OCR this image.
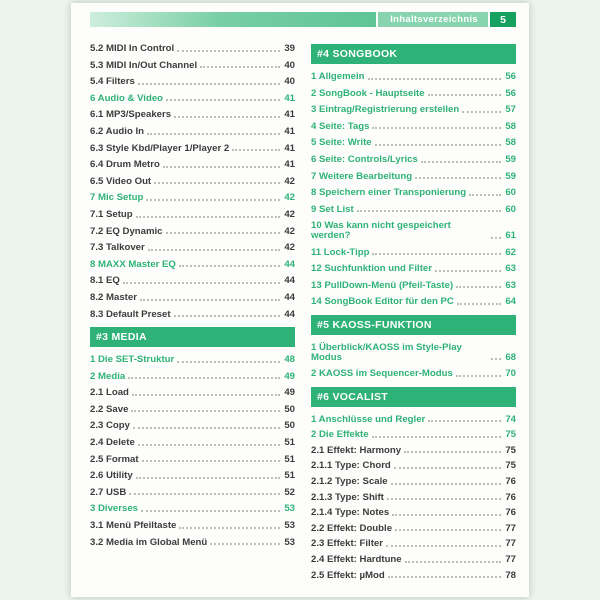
Inhaltsverzeichnis	5
5.2 MIDI In Control	39
5.3 MIDI In/Out Channel	40
5.4 Filters	40
6 Audio & Video	41
6.1 MP3/Speakers	41
6.2 Audio In	41
6.3 Style Kbd/Player 1/Player 2	41
6.4 Drum Metro	41
6.5 Video Out	42
7 Mic Setup	42
7.1 Setup	42
7.2 EQ Dynamic	42
7.3 Talkover	42
8 MAXX Master EQ	44
8.1 EQ	44
8.2 Master	44
8.3 Default Preset	44
#3 MEDIA
1 Die SET-Struktur	48
2 Media	49
2.1 Load	49
2.2 Save	50
2.3 Copy	50
2.4 Delete	51
2.5 Format	51
2.6 Utility	51
2.7 USB	52
3 Diverses	53
3.1 Menü Pfeiltaste	53
3.2 Media im Global Menü	53
#4 SONGBOOK
1 Allgemein	56
2 SongBook - Hauptseite	56
3 Eintrag/Registrierung erstellen	57
4 Seite: Tags	58
5 Seite: Write	58
6 Seite: Controls/Lyrics	59
7 Weitere Bearbeitung	59
8 Speichern einer Transponierung	60
9 Set List	60
10 Was kann nicht gespeichert werden?	61
11 Lock-Tipp	62
12 Suchfunktion und Filter	63
13 PullDown-Menü (Pfeil-Taste)	63
14 SongBook Editor für den PC	64
#5 KAOSS-FUNKTION
1 Überblick/KAOSS im Style-Play Modus	68
2 KAOSS im Sequencer-Modus	70
#6 VOCALIST
1 Anschlüsse und Regler	74
2 Die Effekte	75
2.1 Effekt: Harmony	75
2.1.1 Type: Chord	75
2.1.2 Type: Scale	76
2.1.3 Type: Shift	76
2.1.4 Type: Notes	76
2.2 Effekt: Double	77
2.3 Effekt: Filter	77
2.4 Effekt: Hardtune	77
2.5 Effekt: µMod	78
